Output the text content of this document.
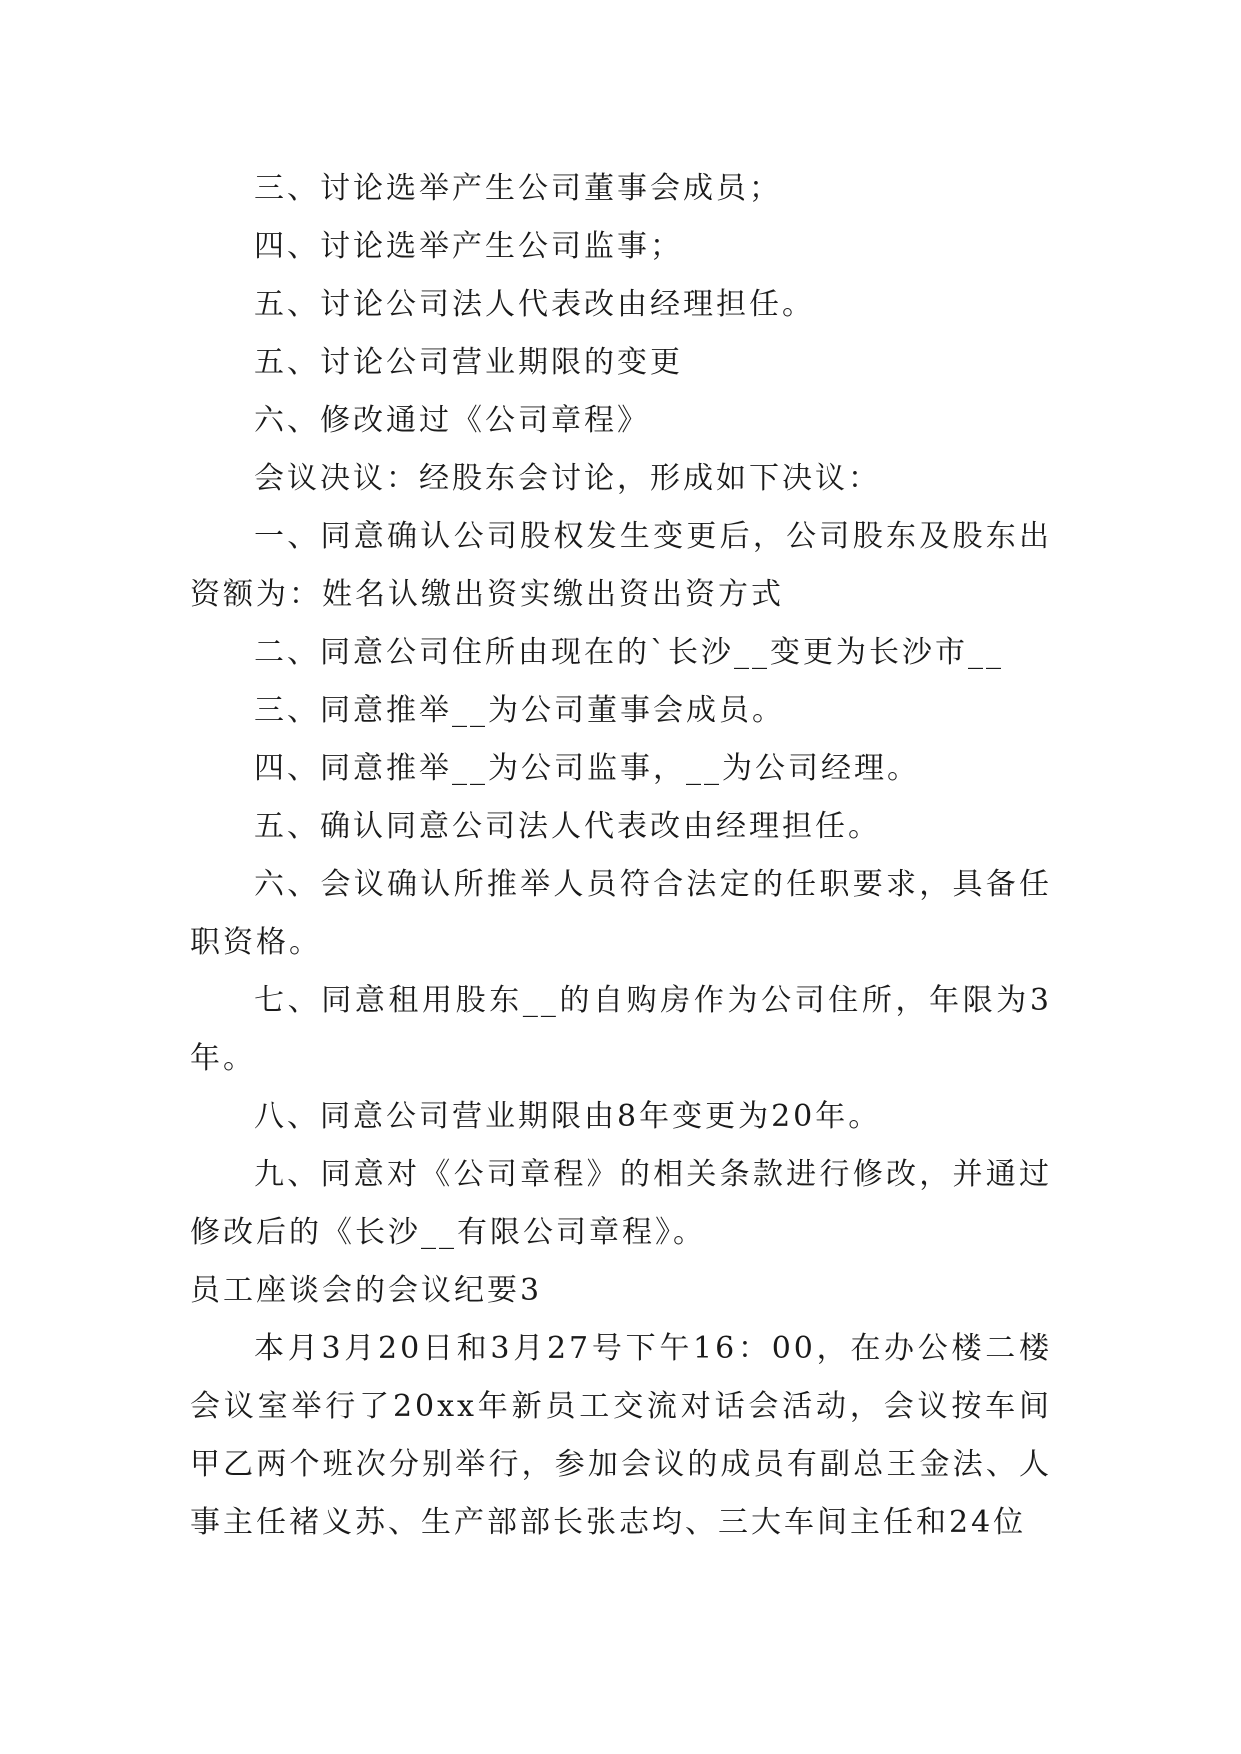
三、讨论选举产生公司董事会成员；

四、讨论选举产生公司监事；

五、讨论公司法人代表改由经理担任。

五、讨论公司营业期限的变更

六、修改通过《公司章程》

会议决议：经股东会讨论，形成如下决议：

一、同意确认公司股权发生变更后，公司股东及股东出资额为：姓名认缴出资实缴出资出资方式

二、同意公司住所由现在的`长沙__变更为长沙市__

三、同意推举__为公司董事会成员。

四、同意推举__为公司监事，__为公司经理。

五、确认同意公司法人代表改由经理担任。

六、会议确认所推举人员符合法定的任职要求，具备任职资格。

七、同意租用股东__的自购房作为公司住所，年限为3年。

八、同意公司营业期限由8年变更为20年。

九、同意对《公司章程》的相关条款进行修改，并通过修改后的《长沙__有限公司章程》。

员工座谈会的会议纪要3

本月3月20日和3月27号下午16：00，在办公楼二楼会议室举行了20xx年新员工交流对话会活动，会议按车间甲乙两个班次分别举行，参加会议的成员有副总王金法、人事主任褚义苏、生产部部长张志均、三大车间主任和24位
